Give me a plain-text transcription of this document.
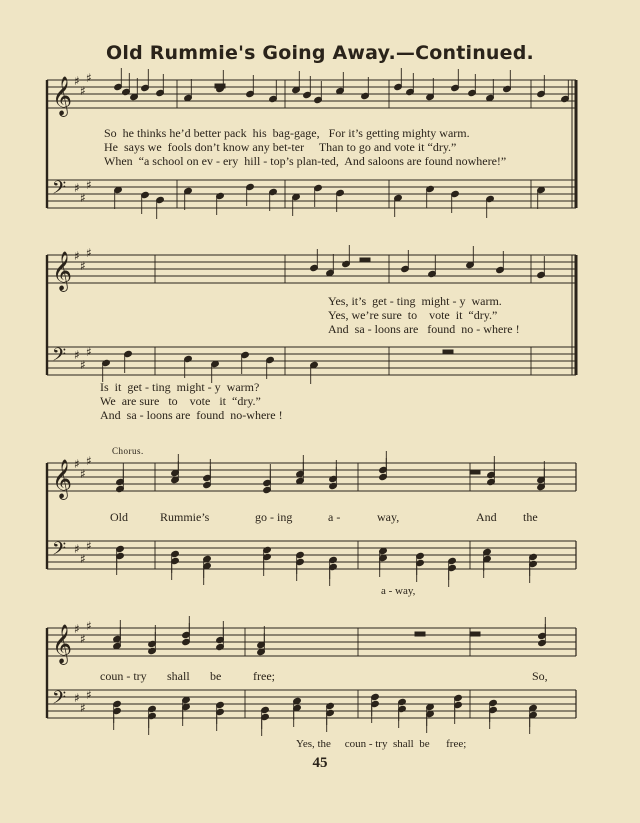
Old Rummie's Going Away.—Continued.
𝄞 ♯
♯
♯
𝄢 ♯
♯
♯
𝄞 ♯
♯
♯
𝄢 ♯
♯
♯
𝄞 ♯
♯
♯
𝄢 ♯
♯
♯
𝄞 ♯
♯
♯
𝄢 ♯
♯
♯
So  he thinks he’d better pack  his  bag-gage,   For it’s getting mighty warm.
He  says we  fools don’t know any bet-ter     Than to go and vote it “dry.”
When  “a school on ev - ery  hill - top’s plan-ted,  And saloons are found nowhere!”
Yes, it’s  get - ting  might - y  warm.
Yes, we’re sure  to    vote  it  “dry.”
And  sa - loons are   found  no - where !
Is  it  get - ting  might - y  warm?
We  are sure   to    vote   it  “dry.”
And  sa - loons are  found  no-where !
Chorus.
Old	Rummie’s	go - ing	a -	way,	And the
a - way,
coun - try shall be	free;	So,
Yes, the     coun - try  shall  be      free;
45
